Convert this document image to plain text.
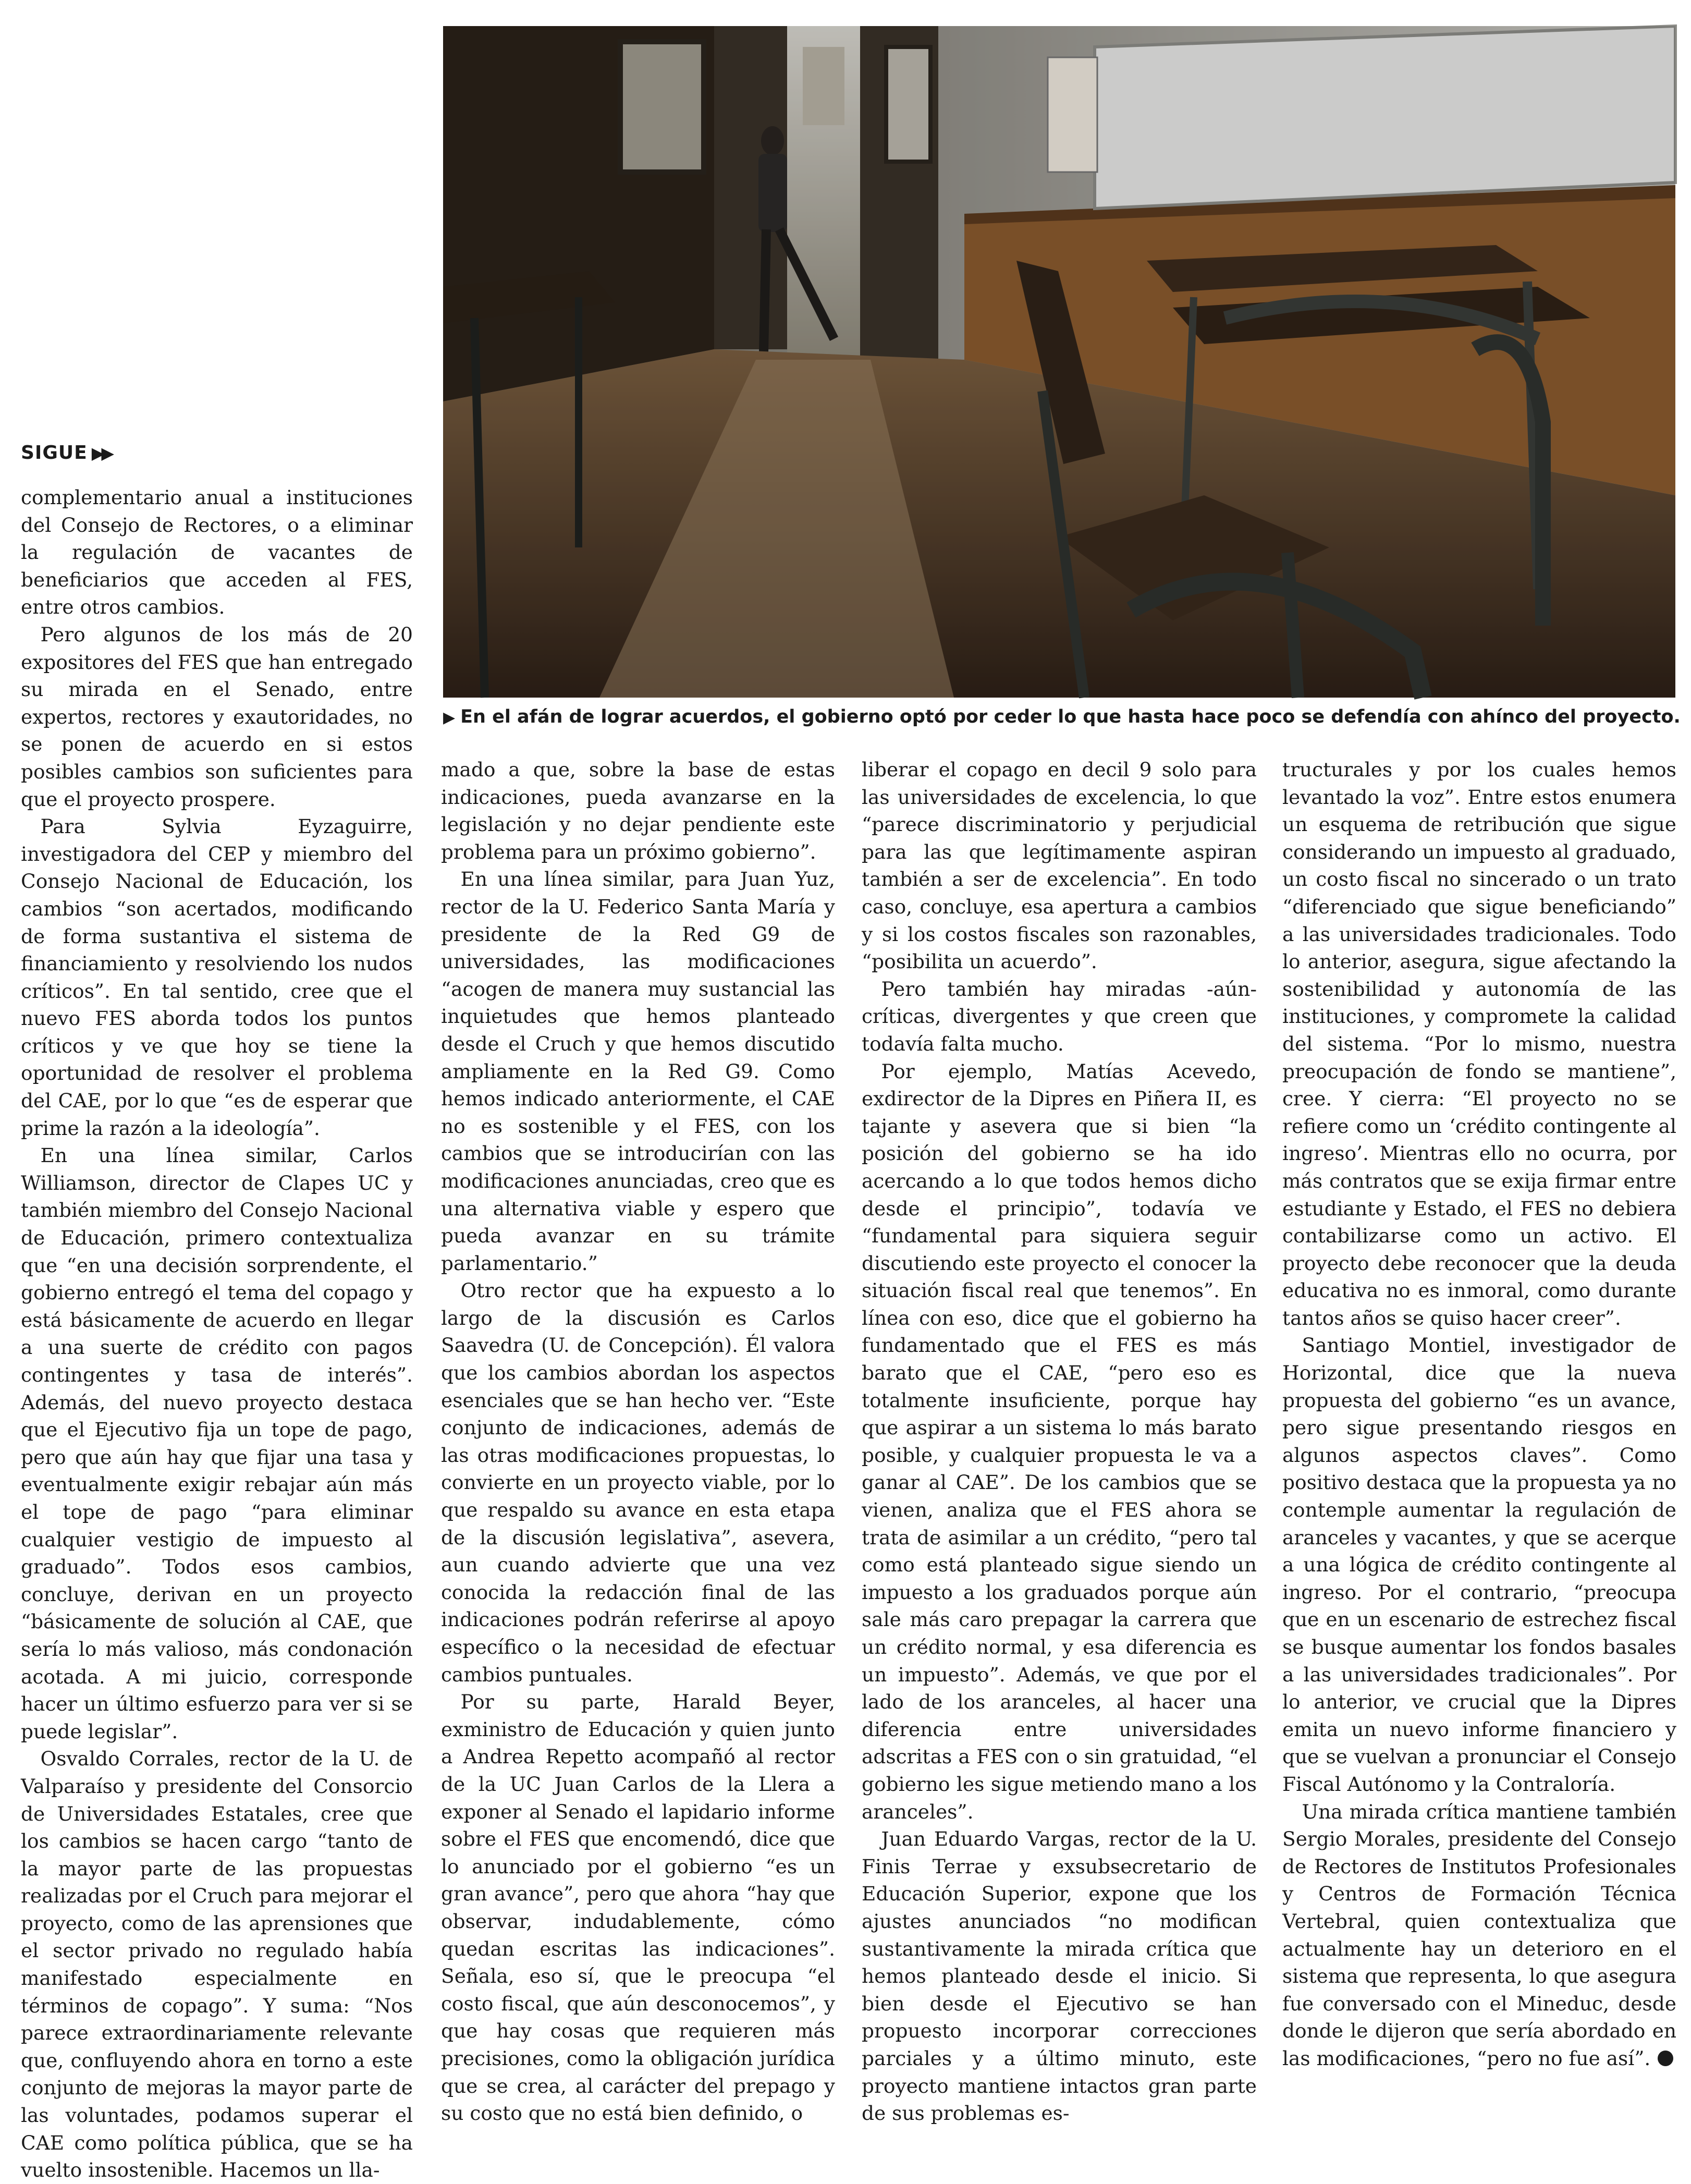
▶ En el afán de lograr acuerdos, el gobierno optó por ceder lo que hasta hace poco se defendía con ahínco del proyecto.
SIGUE ▶▶

complementario anual a instituciones del Consejo de Rectores, o a eliminar la regulación de vacantes de beneficiarios que acceden al FES, entre otros cambios.

Pero algunos de los más de 20 expositores del FES que han entregado su mirada en el Senado, entre expertos, rectores y exautoridades, no se ponen de acuerdo en si estos posibles cambios son suficientes para que el proyecto prospere.

Para Sylvia Eyzaguirre, investigadora del CEP y miembro del Consejo Nacional de Educación, los cambios “son acertados, modificando de forma sustantiva el sistema de financiamiento y resolviendo los nudos críticos”. En tal sentido, cree que el nuevo FES aborda todos los puntos críticos y ve que hoy se tiene la oportunidad de resolver el problema del CAE, por lo que “es de esperar que prime la razón a la ideología”.

En una línea similar, Carlos Williamson, director de Clapes UC y también miembro del Consejo Nacional de Educación, primero contextualiza que “en una decisión sorprendente, el gobierno entregó el tema del copago y está básicamente de acuerdo en llegar a una suerte de crédito con pagos contingentes y tasa de interés”. Además, del nuevo proyecto destaca que el Ejecutivo fija un tope de pago, pero que aún hay que fijar una tasa y eventualmente exigir rebajar aún más el tope de pago “para eliminar cualquier vestigio de impuesto al graduado”. Todos esos cambios, concluye, derivan en un proyecto “básicamente de solución al CAE, que sería lo más valioso, más condonación acotada. A mi juicio, corresponde hacer un último esfuerzo para ver si se puede legislar”.

Osvaldo Corrales, rector de la U. de Valparaíso y presidente del Consorcio de Universidades Estatales, cree que los cambios se hacen cargo “tanto de la mayor parte de las propuestas realizadas por el Cruch para mejorar el proyecto, como de las aprensiones que el sector privado no regulado había manifestado especialmente en términos de copago”. Y suma: “Nos parece extraordinariamente relevante que, confluyendo ahora en torno a este conjunto de mejoras la mayor parte de las voluntades, podamos superar el CAE como política pública, que se ha vuelto insostenible. Hacemos un lla-

mado a que, sobre la base de estas indicaciones, pueda avanzarse en la legislación y no dejar pendiente este problema para un próximo gobierno”.

En una línea similar, para Juan Yuz, rector de la U. Federico Santa María y presidente de la Red G9 de universidades, las modificaciones “acogen de manera muy sustancial las inquietudes que hemos planteado desde el Cruch y que hemos discutido ampliamente en la Red G9. Como hemos indicado anteriormente, el CAE no es sostenible y el FES, con los cambios que se introducirían con las modificaciones anunciadas, creo que es una alternativa viable y espero que pueda avanzar en su trámite parlamentario.”

Otro rector que ha expuesto a lo largo de la discusión es Carlos Saavedra (U. de Concepción). Él valora que los cambios abordan los aspectos esenciales que se han hecho ver. “Este conjunto de indicaciones, además de las otras modificaciones propuestas, lo convierte en un proyecto viable, por lo que respaldo su avance en esta etapa de la discusión legislativa”, asevera, aun cuando advierte que una vez conocida la redacción final de las indicaciones podrán referirse al apoyo específico o la necesidad de efectuar cambios puntuales.

Por su parte, Harald Beyer, exministro de Educación y quien junto a Andrea Repetto acompañó al rector de la UC Juan Carlos de la Llera a exponer al Senado el lapidario informe sobre el FES que encomendó, dice que lo anunciado por el gobierno “es un gran avance”, pero que ahora “hay que observar, indudablemente, cómo quedan escritas las indicaciones”. Señala, eso sí, que le preocupa “el costo fiscal, que aún desconocemos”, y que hay cosas que requieren más precisiones, como la obligación jurídica que se crea, al carácter del prepago y su costo que no está bien definido, o

liberar el copago en decil 9 solo para las universidades de excelencia, lo que “parece discriminatorio y perjudicial para las que legítimamente aspiran también a ser de excelencia”. En todo caso, concluye, esa apertura a cambios y si los costos fiscales son razonables, “posibilita un acuerdo”.

Pero también hay miradas -aún- críticas, divergentes y que creen que todavía falta mucho.

Por ejemplo, Matías Acevedo, exdirector de la Dipres en Piñera II, es tajante y asevera que si bien “la posición del gobierno se ha ido acercando a lo que todos hemos dicho desde el principio”, todavía ve “fundamental para siquiera seguir discutiendo este proyecto el conocer la situación fiscal real que tenemos”. En línea con eso, dice que el gobierno ha fundamentado que el FES es más barato que el CAE, “pero eso es totalmente insuficiente, porque hay que aspirar a un sistema lo más barato posible, y cualquier propuesta le va a ganar al CAE”. De los cambios que se vienen, analiza que el FES ahora se trata de asimilar a un crédito, “pero tal como está planteado sigue siendo un impuesto a los graduados porque aún sale más caro prepagar la carrera que un crédito normal, y esa diferencia es un impuesto”. Además, ve que por el lado de los aranceles, al hacer una diferencia entre universidades adscritas a FES con o sin gratuidad, “el gobierno les sigue metiendo mano a los aranceles”.

Juan Eduardo Vargas, rector de la U. Finis Terrae y exsubsecretario de Educación Superior, expone que los ajustes anunciados “no modifican sustantivamente la mirada crítica que hemos planteado desde el inicio. Si bien desde el Ejecutivo se han propuesto incorporar correcciones parciales y a último minuto, este proyecto mantiene intactos gran parte de sus problemas es-

tructurales y por los cuales hemos levantado la voz”. Entre estos enumera un esquema de retribución que sigue considerando un impuesto al graduado, un costo fiscal no sincerado o un trato “diferenciado que sigue beneficiando” a las universidades tradicionales. Todo lo anterior, asegura, sigue afectando la sostenibilidad y autonomía de las instituciones, y compromete la calidad del sistema. “Por lo mismo, nuestra preocupación de fondo se mantiene”, cree. Y cierra: “El proyecto no se refiere como un ‘crédito contingente al ingreso’. Mientras ello no ocurra, por más contratos que se exija firmar entre estudiante y Estado, el FES no debiera contabilizarse como un activo. El proyecto debe reconocer que la deuda educativa no es inmoral, como durante tantos años se quiso hacer creer”.

Santiago Montiel, investigador de Horizontal, dice que la nueva propuesta del gobierno “es un avance, pero sigue presentando riesgos en algunos aspectos claves”. Como positivo destaca que la propuesta ya no contemple aumentar la regulación de aranceles y vacantes, y que se acerque a una lógica de crédito contingente al ingreso. Por el contrario, “preocupa que en un escenario de estrechez fiscal se busque aumentar los fondos basales a las universidades tradicionales”. Por lo anterior, ve crucial que la Dipres emita un nuevo informe financiero y que se vuelvan a pronunciar el Consejo Fiscal Autónomo y la Contraloría.

Una mirada crítica mantiene también Sergio Morales, presidente del Consejo de Rectores de Institutos Profesionales y Centros de Formación Técnica Vertebral, quien contextualiza que actualmente hay un deterioro en el sistema que representa, lo que asegura fue conversado con el Mineduc, desde donde le dijeron que sería abordado en las modificaciones, “pero no fue así”.
